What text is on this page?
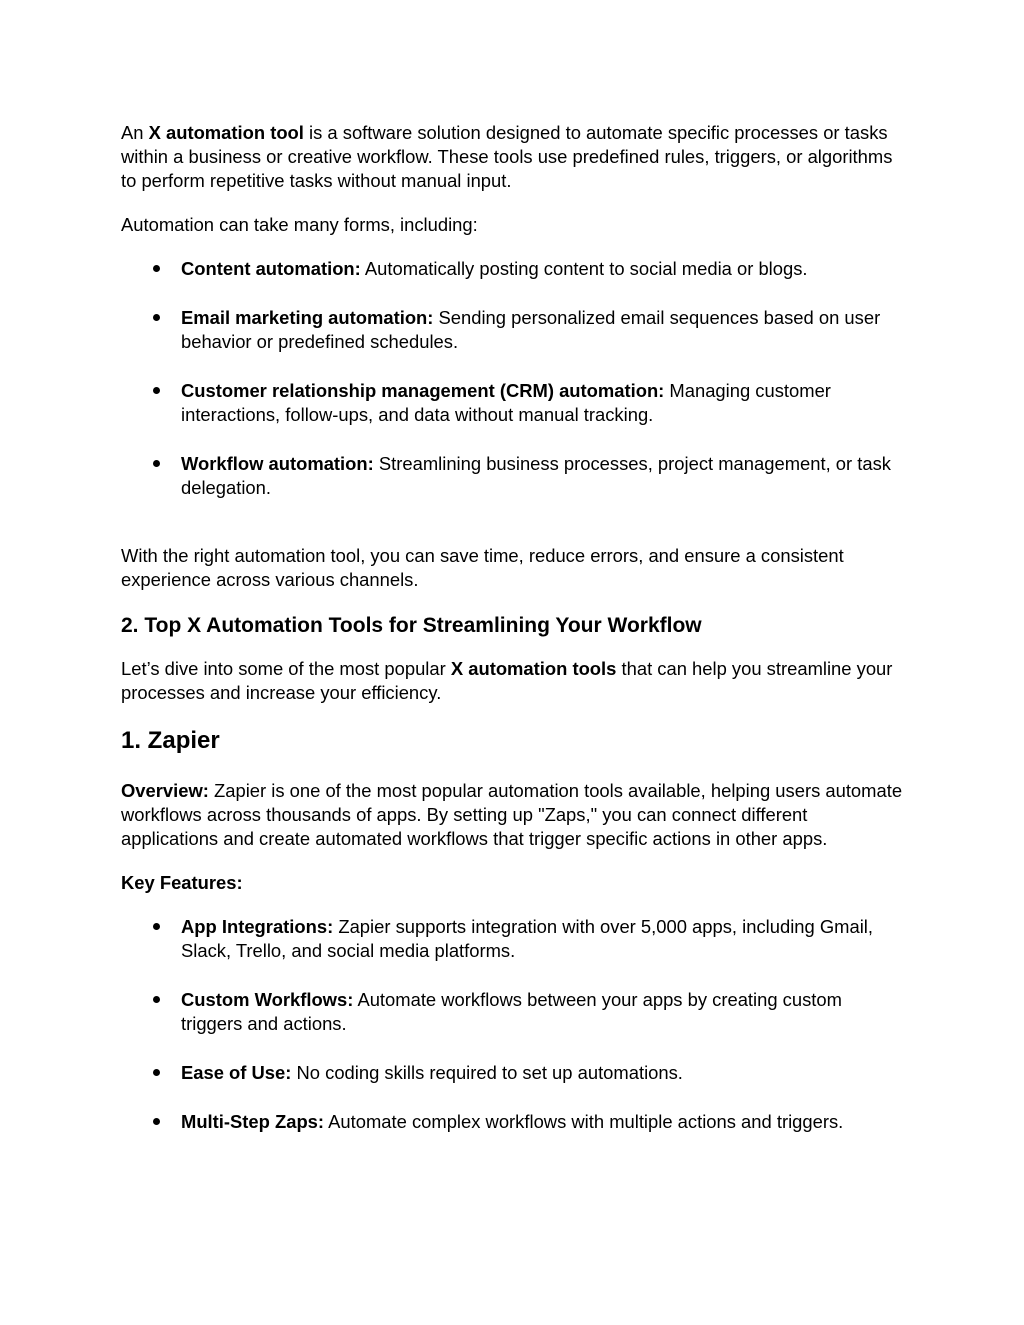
An X automation tool is a software solution designed to automate specific processes or tasks within a business or creative workflow. These tools use predefined rules, triggers, or algorithms to perform repetitive tasks without manual input.

Automation can take many forms, including:

Content automation: Automatically posting content to social media or blogs.
Email marketing automation: Sending personalized email sequences based on user behavior or predefined schedules.
Customer relationship management (CRM) automation: Managing customer interactions, follow-ups, and data without manual tracking.
Workflow automation: Streamlining business processes, project management, or task delegation.

With the right automation tool, you can save time, reduce errors, and ensure a consistent experience across various channels.

2. Top X Automation Tools for Streamlining Your Workflow

Let’s dive into some of the most popular X automation tools that can help you streamline your processes and increase your efficiency.

1. Zapier

Overview: Zapier is one of the most popular automation tools available, helping users automate workflows across thousands of apps. By setting up "Zaps," you can connect different applications and create automated workflows that trigger specific actions in other apps.

Key Features:

App Integrations: Zapier supports integration with over 5,000 apps, including Gmail, Slack, Trello, and social media platforms.
Custom Workflows: Automate workflows between your apps by creating custom triggers and actions.
Ease of Use: No coding skills required to set up automations.
Multi-Step Zaps: Automate complex workflows with multiple actions and triggers.
